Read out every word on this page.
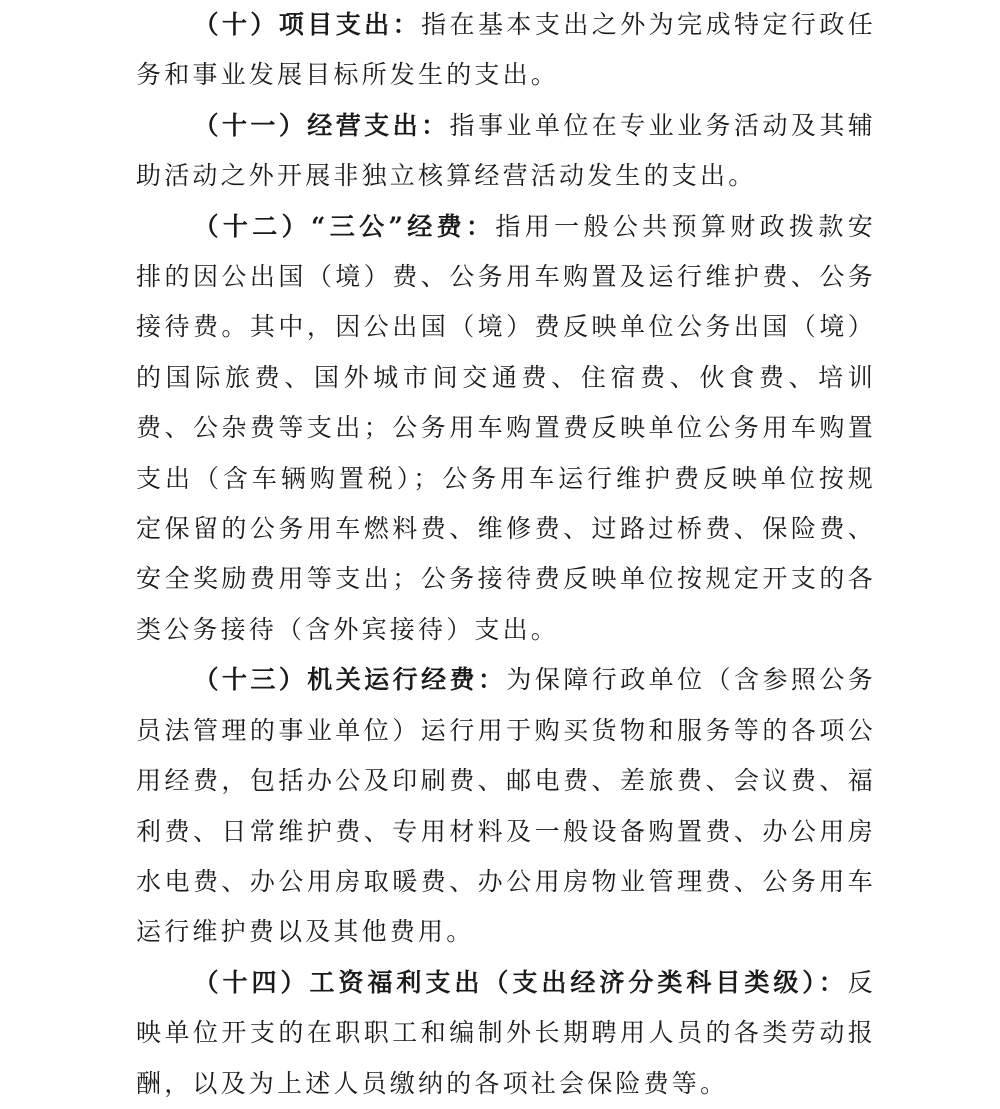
（十）项目支出：指在基本支出之外为完成特定行政任务和事业发展目标所发生的支出。

（十一）经营支出：指事业单位在专业业务活动及其辅助活动之外开展非独立核算经营活动发生的支出。

（十二）“三公”经费：指用一般公共预算财政拨款安排的因公出国（境）费、公务用车购置及运行维护费、公务接待费。其中，因公出国（境）费反映单位公务出国（境）的国际旅费、国外城市间交通费、住宿费、伙食费、培训费、公杂费等支出；公务用车购置费反映单位公务用车购置支出（含车辆购置税）；公务用车运行维护费反映单位按规定保留的公务用车燃料费、维修费、过路过桥费、保险费、安全奖励费用等支出；公务接待费反映单位按规定开支的各类公务接待（含外宾接待）支出。

（十三）机关运行经费：为保障行政单位（含参照公务员法管理的事业单位）运行用于购买货物和服务等的各项公用经费，包括办公及印刷费、邮电费、差旅费、会议费、福利费、日常维护费、专用材料及一般设备购置费、办公用房水电费、办公用房取暖费、办公用房物业管理费、公务用车运行维护费以及其他费用。

（十四）工资福利支出（支出经济分类科目类级）：反映单位开支的在职职工和编制外长期聘用人员的各类劳动报酬，以及为上述人员缴纳的各项社会保险费等。
